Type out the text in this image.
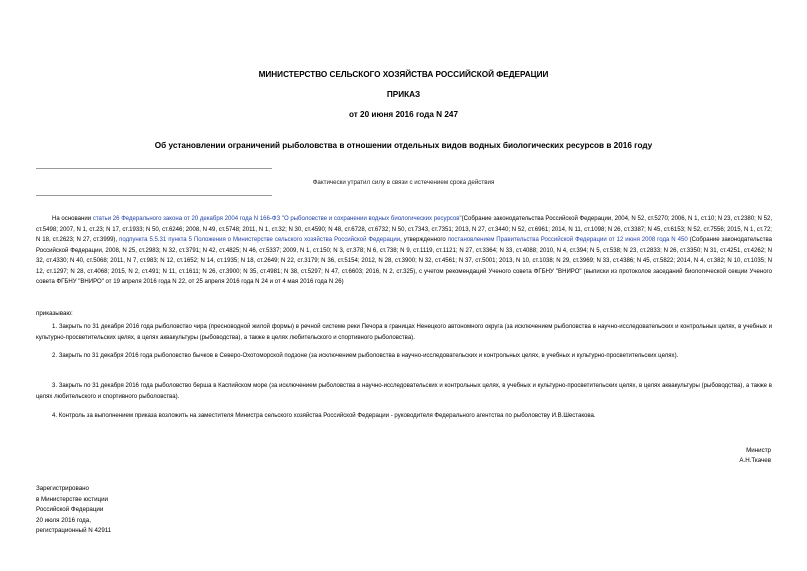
МИНИСТЕРСТВО СЕЛЬСКОГО ХОЗЯЙСТВА РОССИЙСКОЙ ФЕДЕРАЦИИ
ПРИКАЗ
от 20 июня 2016 года N 247
Об установлении ограничений рыболовства в отношении отдельных видов водных биологических ресурсов в 2016 году
Фактически утратил силу в связи с истечением срока действия
На основании статьи 26 Федерального закона от 20 декабря 2004 года N 166-ФЗ "О рыболовстве и сохранении водных биологических ресурсов"(Собрание законодательства Российской Федерации, 2004, N 52, ст.5270; 2006, N 1, ст.10; N 23, ст.2380; N 52, ст.5498; 2007, N 1, ст.23; N 17, ст.1933; N 50, ст.6246; 2008, N 49, ст.5748; 2011, N 1, ст.32; N 30, ст.4590; N 48, ст.6728, ст.6732; N 50, ст.7343, ст.7351; 2013, N 27, ст.3440; N 52, ст.6961; 2014, N 11, ст.1098; N 26, ст.3387; N 45, ст.6153; N 52, ст.7556; 2015, N 1, ст.72; N 18, ст.2623; N 27, ст.3999), подпункта 5.5.31 пункта 5 Положения о Министерстве сельского хозяйства Российской Федерации, утвержденного постановлением Правительства Российской Федерации от 12 июня 2008 года N 450 (Собрание законодательства Российской Федерации, 2008, N 25, ст.2983; N 32, ст.3791; N 42, ст.4825; N 46, ст.5337; 2009, N 1, ст.150; N 3, ст.378; N 6, ст.738; N 9, ст.1119, ст.1121; N 27, ст.3364; N 33, ст.4088; 2010, N 4, ст.394; N 5, ст.538; N 23, ст.2833; N 26, ст.3350; N 31, ст.4251, ст.4262; N 32, ст.4330; N 40, ст.5068; 2011, N 7, ст.983; N 12, ст.1652; N 14, ст.1935; N 18, ст.2649; N 22, ст.3179; N 36, ст.5154; 2012, N 28, ст.3900; N 32, ст.4561; N 37, ст.5001; 2013, N 10, ст.1038; N 29, ст.3969; N 33, ст.4386; N 45, ст.5822; 2014, N 4, ст.382; N 10, ст.1035; N 12, ст.1297; N 28, ст.4068; 2015, N 2, ст.491; N 11, ст.1611; N 26, ст.3900; N 35, ст.4981; N 38, ст.5297; N 47, ст.6603; 2016, N 2, ст.325), с учетом рекомендаций Ученого совета ФГБНУ "ВНИРО" (выписки из протоколов заседаний биологической секции Ученого совета ФГБНУ "ВНИРО" от 19 апреля 2016 года N 22, от 25 апреля 2016 года N 24 и от 4 мая 2016 года N 26)
приказываю:
1. Закрыть по 31 декабря 2016 года рыболовство чира (пресноводной жилой формы) в речной системе реки Печора в границах Ненецкого автономного округа (за исключением рыболовства в научно-исследовательских и контрольных целях, в учебных и культурно-просветительских целях, в целях аквакультуры (рыбоводства), а также в целях любительского и спортивного рыболовства).
2. Закрыть по 31 декабря 2016 года рыболовство бычков в Северо-Охотоморской подзоне (за исключением рыболовства в научно-исследовательских и контрольных целях, в учебных и культурно-просветительских целях).
3. Закрыть по 31 декабря 2016 года рыболовство берша в Каспийском море (за исключением рыболовства в научно-исследовательских и контрольных целях, в учебных и культурно-просветительских целях, в целях аквакультуры (рыбоводства), а также в целях любительского и спортивного рыболовства).
4. Контроль за выполнением приказа возложить на заместителя Министра сельского хозяйства Российской Федерации - руководителя Федерального агентства по рыболовству И.В.Шестакова.
Министр
А.Н.Ткачев
Зарегистрировано
в Министерстве юстиции
Российской Федерации
20 июля 2016 года,
регистрационный N 42911
